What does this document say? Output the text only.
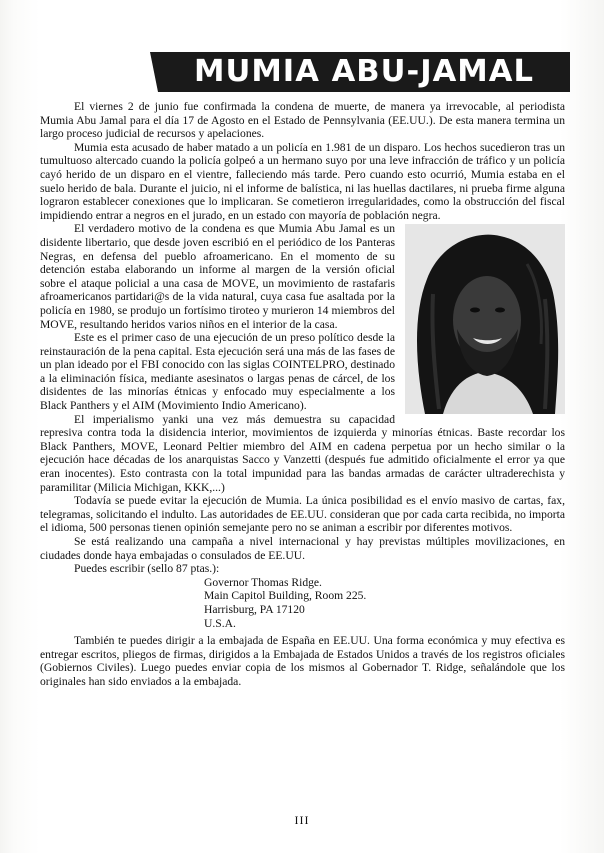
MUMIA ABU-JAMAL

El viernes 2 de junio fue confirmada la condena de muerte, de manera ya irrevocable, al periodista Mumia Abu Jamal para el día 17 de Agosto en el Estado de Pennsylvania (EE.UU.). De esta manera termina un largo proceso judicial de recursos y apelaciones.

Mumia esta acusado de haber matado a un policía en 1.981 de un disparo. Los hechos sucedieron tras un tumultuoso altercado cuando la policía golpeó a un hermano suyo por una leve infracción de tráfico y un policía cayó herido de un disparo en el vientre, falleciendo más tarde. Pero cuando esto ocurrió, Mumia estaba en el suelo herido de bala. Durante el juicio, ni el informe de balística, ni las huellas dactilares, ni prueba firme alguna lograron establecer conexiones que lo implicaran. Se cometieron irregularidades, como la obstrucción del fiscal impidiendo entrar a negros en el jurado, en un estado con mayoría de población negra.

El verdadero motivo de la condena es que Mumia Abu Jamal es un disidente libertario, que desde joven escribió en el periódico de los Panteras Negras, en defensa del pueblo afroamericano. En el momento de su detención estaba elaborando un informe al margen de la versión oficial sobre el ataque policial a una casa de MOVE, un movimiento de rastafaris afroamericanos partidari@s de la vida natural, cuya casa fue asaltada por la policía en 1980, se produjo un fortísimo tiroteo y murieron 14 miembros del MOVE, resultando heridos varios niños en el interior de la casa.

Este es el primer caso de una ejecución de un preso político desde la reinstauración de la pena capital. Esta ejecución será una más de las fases de un plan ideado por el FBI conocido con las siglas COINTELPRO, destinado a la eliminación física, mediante asesinatos o largas penas de cárcel, de los disidentes de las minorías étnicas y enfocado muy especialmente a los Black Panthers y el AIM (Movimiento Indio Americano).

El imperialismo yanki una vez más demuestra su capacidad represiva contra toda la disidencia interior, movimientos de izquierda y minorías étnicas. Baste recordar los Black Panthers, MOVE, Leonard Peltier miembro del AIM en cadena perpetua por un hecho similar o la ejecución hace décadas de los anarquistas Sacco y Vanzetti (después fue admitido oficialmente el error ya que eran inocentes). Esto contrasta con la total impunidad para las bandas armadas de carácter ultraderechista y paramilitar (Milicia Michigan, KKK,...)

Todavía se puede evitar la ejecución de Mumia. La única posibilidad es el envío masivo de cartas, fax, telegramas, solicitando el indulto. Las autoridades de EE.UU. consideran que por cada carta recibida, no importa el idioma, 500 personas tienen opinión semejante pero no se animan a escribir por diferentes motivos.

Se está realizando una campaña a nivel internacional y hay previstas múltiples movilizaciones, en ciudades donde haya embajadas o consulados de EE.UU.

Puedes escribir (sello 87 ptas.):

Governor Thomas Ridge.
Main Capitol Building, Room 225.
Harrisburg, PA 17120
U.S.A.

También te puedes dirigir a la embajada de España en EE.UU. Una forma económica y muy efectiva es entregar escritos, pliegos de firmas, dirigidos a la Embajada de Estados Unidos a través de los registros oficiales (Gobiernos Civiles). Luego puedes enviar copia de los mismos al Gobernador T. Ridge, señalándole que los originales han sido enviados a la embajada.

III
